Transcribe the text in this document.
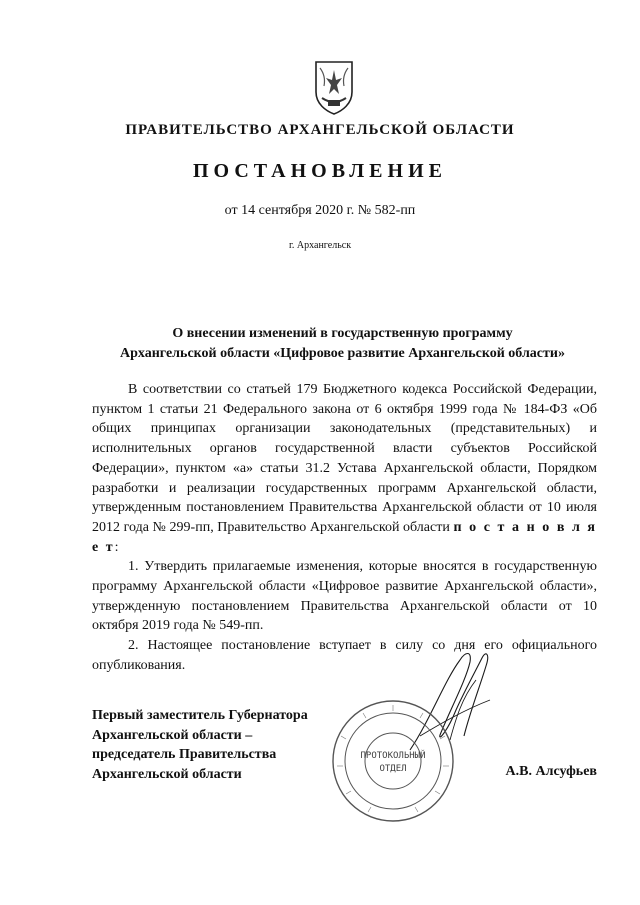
ПРАВИТЕЛЬСТВО АРХАНГЕЛЬСКОЙ ОБЛАСТИ
ПОСТАНОВЛЕНИЕ
от 14 сентября 2020 г. № 582-пп
г. Архангельск
О внесении изменений в государственную программу
Архангельской области «Цифровое развитие Архангельской области»

В соответствии со статьей 179 Бюджетного кодекса Российской Федерации, пунктом 1 статьи 21 Федерального закона от 6 октября 1999 года № 184-ФЗ «Об общих принципах организации законодательных (представительных) и исполнительных органов государственной власти субъектов Российской Федерации», пунктом «а» статьи 31.2 Устава Архангельской области, Порядком разработки и реализации государственных программ Архангельской области, утвержденным постановлением Правительства Архангельской области от 10 июля 2012 года № 299-пп, Правительство Архангельской области п о с т а н о в л я е т:

1. Утвердить прилагаемые изменения, которые вносятся в государственную программу Архангельской области «Цифровое развитие Архангельской области», утвержденную постановлением Правительства Архангельской области от 10 октября 2019 года № 549-пп.

2. Настоящее постановление вступает в силу со дня его официального опубликования.

Первый заместитель Губернатора
Архангельской области –
председатель Правительства
Архангельской области
ПРОТОКОЛЬНЫЙ
ОТДЕЛ	А.В. Алсуфьев
